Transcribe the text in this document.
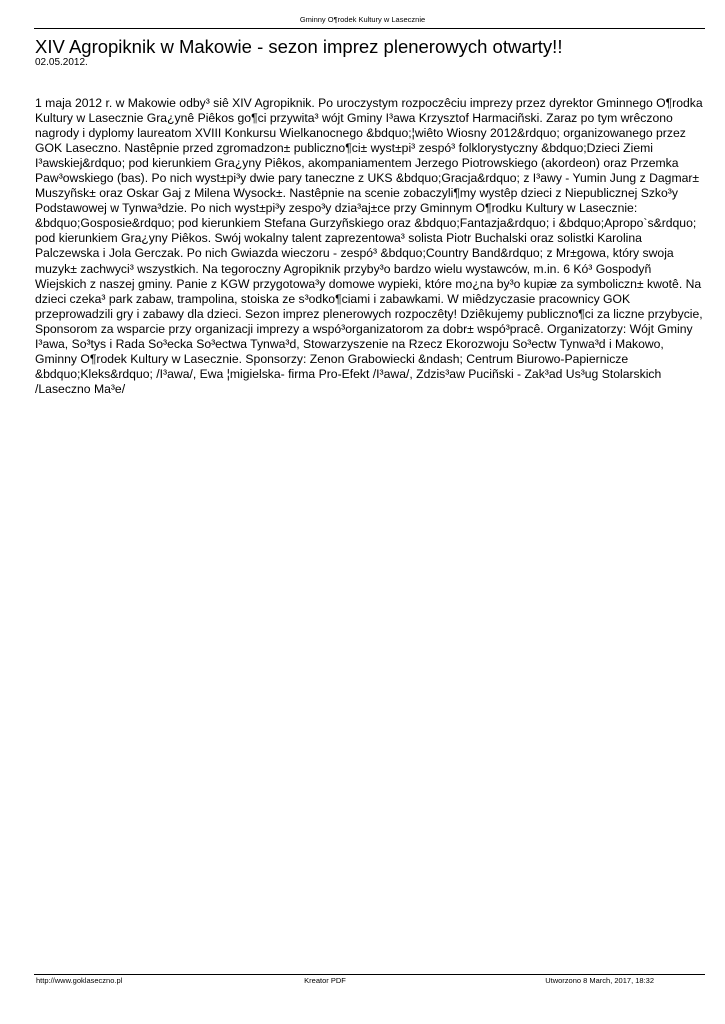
Gminny O¶rodek Kultury w Lasecznie
XIV Agropiknik w Makowie - sezon imprez plenerowych otwarty!!
02.05.2012.
1 maja 2012 r. w Makowie odby³ siê XIV Agropiknik. Po uroczystym rozpoczêciu imprezy przez dyrektor Gminnego O¶rodka Kultury w Lasecznie Gra¿ynê Piêkos go¶ci przywita³ wójt Gminy I³awa Krzysztof Harmaciñski. Zaraz po tym wrêczono nagrody i dyplomy laureatom XVIII Konkursu Wielkanocnego &bdquo;¦wiêto Wiosny 2012&rdquo; organizowanego przez GOK Laseczno. Nastêpnie przed zgromadzon± publiczno¶ci± wyst±pi³ zespó³ folklorystyczny &bdquo;Dzieci Ziemi I³awskiej&rdquo; pod kierunkiem Gra¿yny Piêkos, akompaniamentem Jerzego Piotrowskiego (akordeon) oraz Przemka Paw³owskiego (bas). Po nich wyst±pi³y dwie pary taneczne z UKS &bdquo;Gracja&rdquo; z I³awy - Yumin Jung z Dagmar± Muszyñsk± oraz Oskar Gaj z Milena Wysock±. Nastêpnie na scenie zobaczyli¶my wystêp dzieci z Niepublicznej Szko³y Podstawowej w Tynwa³dzie. Po nich wyst±pi³y zespo³y dzia³aj±ce przy Gminnym O¶rodku Kultury w Lasecznie: &bdquo;Gosposie&rdquo; pod kierunkiem Stefana Gurzyñskiego oraz &bdquo;Fantazja&rdquo; i &bdquo;Apropo`s&rdquo; pod kierunkiem Gra¿yny Piêkos. Swój wokalny talent zaprezentowa³ solista Piotr Buchalski oraz solistki Karolina Palczewska i Jola Gerczak. Po nich Gwiazda wieczoru - zespó³ &bdquo;Country Band&rdquo; z Mr±gowa, który swoja muzyk± zachwyci³ wszystkich. Na tegoroczny Agropiknik przyby³o bardzo wielu wystawców, m.in. 6 Kó³ Gospodyñ Wiejskich z naszej gminy. Panie z KGW przygotowa³y domowe wypieki, które mo¿na by³o kupiæ za symboliczn± kwotê. Na dzieci czeka³ park zabaw, trampolina, stoiska ze s³odko¶ciami i zabawkami. W miêdzyczasie pracownicy GOK przeprowadzili gry i zabawy dla dzieci. Sezon imprez plenerowych rozpoczêty! Dziêkujemy publiczno¶ci za liczne przybycie, Sponsorom za wsparcie przy organizacji imprezy a wspó³organizatorom za dobr± wspó³pracê. Organizatorzy: Wójt Gminy I³awa, So³tys i Rada So³ecka So³ectwa Tynwa³d, Stowarzyszenie na Rzecz Ekorozwoju So³ectw Tynwa³d i Makowo, Gminny O¶rodek Kultury w Lasecznie. Sponsorzy: Zenon Grabowiecki &ndash; Centrum Biurowo-Papiernicze &bdquo;Kleks&rdquo; /I³awa/, Ewa ¦migielska- firma Pro-Efekt /I³awa/, Zdzis³aw Puciñski - Zak³ad Us³ug Stolarskich /Laseczno Ma³e/
http://www.goklaseczno.pl	Kreator PDF	Utworzono 8 March, 2017, 18:32
